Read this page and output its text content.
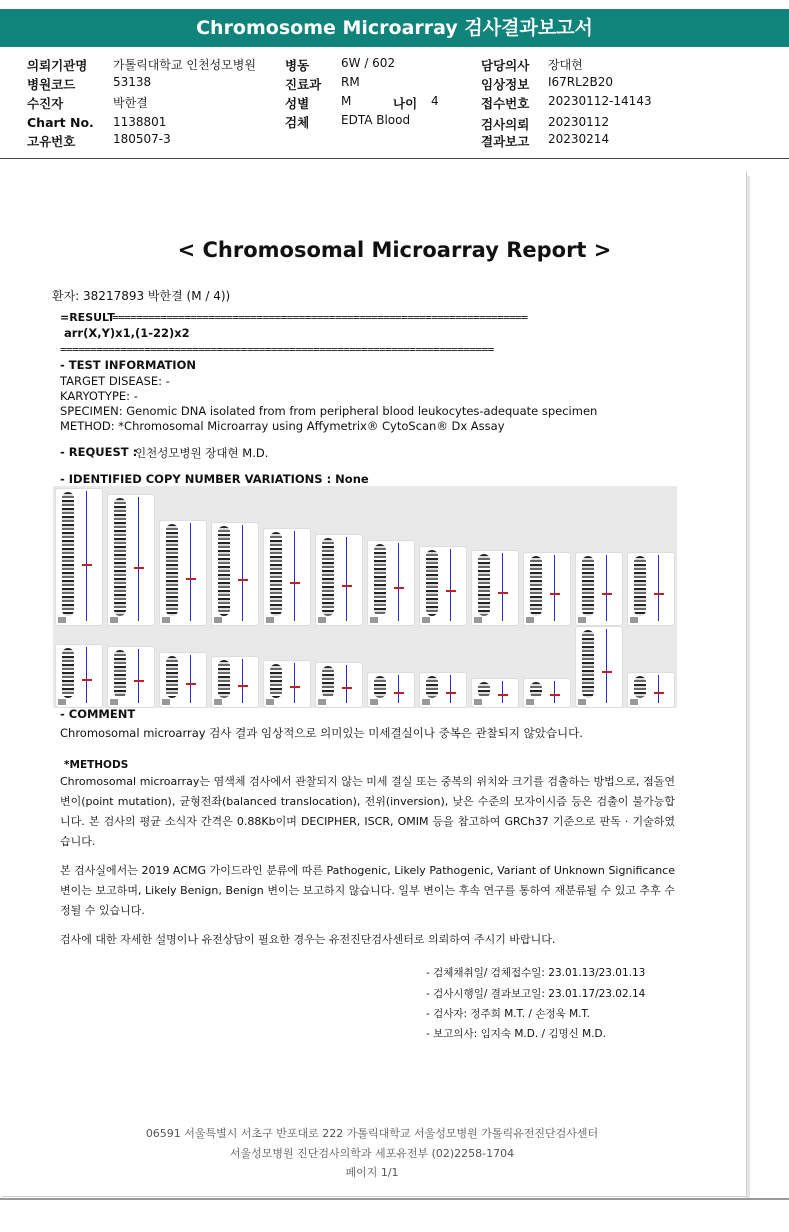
Chromosome Microarray 검사결과보고서
의뢰기관명 가톨릭대학교 인천성모병원
병원코드	53138
수진자	박한결
Chart No. 1138801
고유번호	180507-3
병동	6W / 602
진료과 RM
성별	M	나이 4
검체	EDTA Blood
담당의사 장대현
임상정보 I67RL2B20
접수번호 20230112-14143
검사의뢰 20230112
결과보고 20230214
< Chromosomal Microarray Report >
환자: 38217893 박한결 (M / 4))
=RESULT
=====================================================================
arr(X,Y)x1,(1-22)x2
========================================================================
- TEST INFORMATION
TARGET DISEASE: -
KARYOTYPE: -
SPECIMEN: Genomic DNA isolated from from peripheral blood leukocytes-adequate specimen
METHOD: *Chromosomal Microarray using Affymetrix® CytoScan® Dx Assay
- REQUEST :
인천성모병원 장대현 M.D.
- IDENTIFIED COPY NUMBER VARIATIONS : None
- COMMENT
Chromosomal microarray 검사 결과 임상적으로 의미있는 미세결실이나 중복은 관찰되지 않았습니다.
*METHODS
Chromosomal microarray는 염색체 검사에서 관찰되지 않는 미세 결실 또는 중복의 위치와 크기를 검출하는 방법으로, 점돌연변이(point mutation), 균형전좌(balanced translocation), 전위(inversion), 낮은 수준의 모자이시즘 등은 검출이 불가능합니다. 본 검사의 평균 소식자 간격은 0.88Kb이며 DECIPHER, ISCR, OMIM 등을 참고하여 GRCh37 기준으로 판독 · 기술하였습니다.
본 검사실에서는 2019 ACMG 가이드라인 분류에 따른 Pathogenic, Likely Pathogenic, Variant of Unknown Significance 변이는 보고하며, Likely Benign, Benign 변이는 보고하지 않습니다. 일부 변이는 후속 연구를 통하여 재분류될 수 있고 추후 수정될 수 있습니다.
검사에 대한 자세한 설명이나 유전상담이 필요한 경우는 유전진단검사센터로 의뢰하여 주시기 바랍니다.
- 검체채취일/ 검체접수일: 23.01.13/23.01.13
- 검사시행일/ 결과보고일: 23.01.17/23.02.14
- 검사자: 정주희 M.T. / 손정욱 M.T.
- 보고의사: 임지숙 M.D. / 김명신 M.D.
06591 서울특별시 서초구 반포대로 222 가톨릭대학교 서울성모병원 가톨릭유전진단검사센터
서울성모병원 진단검사의학과 세포유전부 (02)2258-1704
페이지 1/1
